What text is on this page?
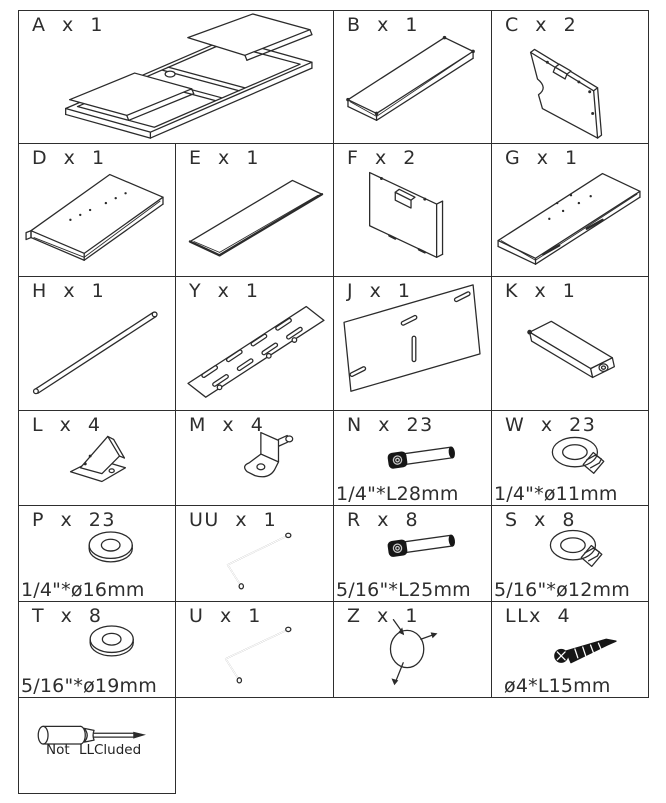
A x 1	B x 1	C x 2
D x 1	E x 1	F x 2	G x 1
H x 1	Y x 1	J x 1	K x 1
L x 4	M x 4	N x 23
1/4"*L28mm
W x 23
1/4"*ø11mm
P x 23
1/4"*ø16mm
UU x 1	R x 8
5/16"*L25mm
S x 8
5/16"*ø12mm
T x 8
5/16"*ø19mm
U x 1	Z x 1	LLx 4
ø4*L15mm
Not LLCluded
